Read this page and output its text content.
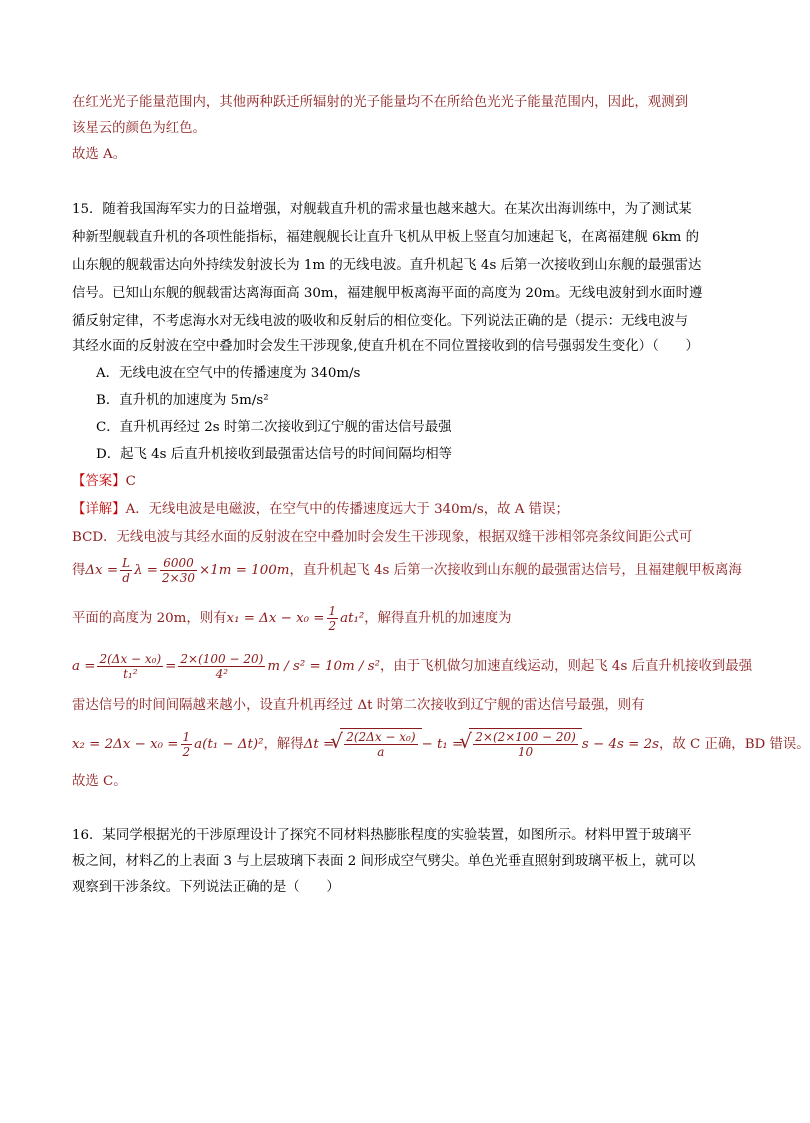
在红光光子能量范围内，其他两种跃迁所辐射的光子能量均不在所给色光光子能量范围内，因此，观测到
该星云的颜色为红色。
故选 A。
15．随着我国海军实力的日益增强，对舰载直升机的需求量也越来越大。在某次出海训练中，为了测试某
种新型舰载直升机的各项性能指标，福建舰舰长让直升飞机从甲板上竖直匀加速起飞，在离福建舰 6km 的
山东舰的舰载雷达向外持续发射波长为 1m 的无线电波。直升机起飞 4s 后第一次接收到山东舰的最强雷达
信号。已知山东舰的舰载雷达离海面高 30m，福建舰甲板离海平面的高度为 20m。无线电波射到水面时遵
循反射定律，不考虑海水对无线电波的吸收和反射后的相位变化。下列说法正确的是（提示：无线电波与
其经水面的反射波在空中叠加时会发生干涉现象,使直升机在不同位置接收到的信号强弱发生变化）（　　）
A．无线电波在空气中的传播速度为 340m/s
B．直升机的加速度为 5m/s²
C．直升机再经过 2s 时第二次接收到辽宁舰的雷达信号最强
D．起飞 4s 后直升机接收到最强雷达信号的时间间隔均相等
【答案】C
【详解】A．无线电波是电磁波，在空气中的传播速度远大于 340m/s，故 A 错误；
BCD．无线电波与其经水面的反射波在空中叠加时会发生干涉现象，根据双缝干涉相邻亮条纹间距公式可
得$\Delta x = \frac{L}{d}$ $\lambda = \frac{6000}{2\times 30} \times 1m = 100m$，直升机起飞 4s 后第一次接收到山东舰的最强雷达信号，且福建舰甲板离海
平面的高度为 20m，则有$x_1 = \Delta x - x_0 = \frac{1}{2} at_1^2$，解得直升机的加速度为
$a = \frac{\text{2(Δx − x₀)}}{\text{t₁²}} = \frac{2\times(100 - 20)}{\text{4²}}$ m / s² = 10m / s²，由于飞机做匀加速直线运动，则起飞 4s 后直升机接收到最强
雷达信号的时间间隔越来越小，设直升机再经过 Δt 时第二次接收到辽宁舰的雷达信号最强，则有
$x_2 = 2\Delta x - x_0 = \frac{1}{2} a(t_1 - \Delta t)^2$，解得Δt = √ $\frac{\text{2(2Δx − x₀)}}{a} - t_1$ = √ $\frac{2\times(2\times 100 - 20)}{10}$ s − 4s = 2s，故 C 正确，BD 错误。
故选 C。
16．某同学根据光的干涉原理设计了探究不同材料热膨胀程度的实验装置，如图所示。材料甲置于玻璃平
板之间，材料乙的上表面 3 与上层玻璃下表面 2 间形成空气劈尖。单色光垂直照射到玻璃平板上，就可以
观察到干涉条纹。下列说法正确的是（　　）
